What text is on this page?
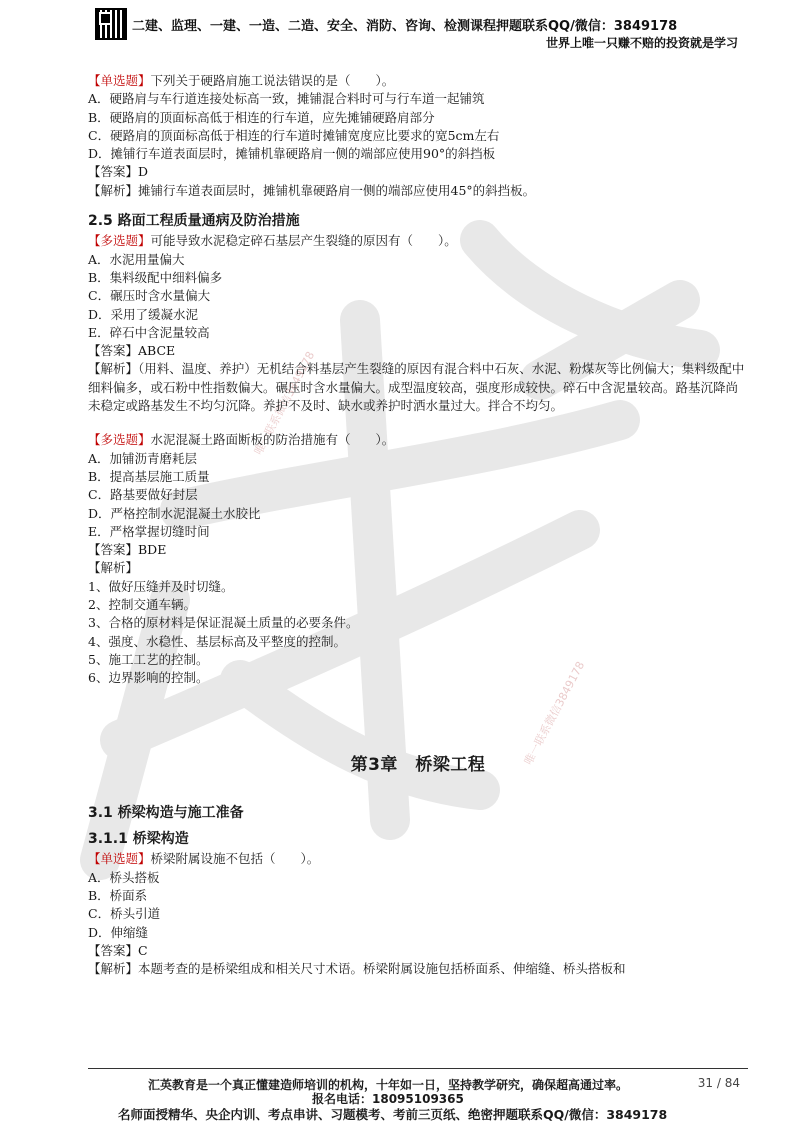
唯一联系微信3849178
唯一联系微信3849178
二建、监理、一建、一造、二造、安全、消防、咨询、检测课程押题联系QQ/微信：3849178
世界上唯一只赚不赔的投资就是学习
【单选题】下列关于硬路肩施工说法错误的是（　　）。
A．硬路肩与车行道连接处标高一致，摊铺混合料时可与行车道一起铺筑
B．硬路肩的顶面标高低于相连的行车道，应先摊铺硬路肩部分
C．硬路肩的顶面标高低于相连的行车道时摊铺宽度应比要求的宽5cm左右
D．摊铺行车道表面层时，摊铺机靠硬路肩一侧的端部应使用90°的斜挡板
【答案】D
【解析】摊铺行车道表面层时，摊铺机靠硬路肩一侧的端部应使用45°的斜挡板。
2.5 路面工程质量通病及防治措施
【多选题】可能导致水泥稳定碎石基层产生裂缝的原因有（　　）。
A．水泥用量偏大
B．集料级配中细料偏多
C．碾压时含水量偏大
D．采用了缓凝水泥
E．碎石中含泥量较高
【答案】ABCE
【解析】（用料、温度、养护）无机结合料基层产生裂缝的原因有混合料中石灰、水泥、粉煤灰等比例偏大；集料级配中细料偏多，或石粉中性指数偏大。碾压时含水量偏大。成型温度较高，强度形成较快。碎石中含泥量较高。路基沉降尚未稳定或路基发生不均匀沉降。养护不及时、缺水或养护时洒水量过大。拌合不均匀。
【多选题】水泥混凝土路面断板的防治措施有（　　）。
A．加铺沥青磨耗层
B．提高基层施工质量
C．路基要做好封层
D．严格控制水泥混凝土水胶比
E．严格掌握切缝时间
【答案】BDE
【解析】
1、做好压缝并及时切缝。
2、控制交通车辆。
3、合格的原材料是保证混凝土质量的必要条件。
4、强度、水稳性、基层标高及平整度的控制。
5、施工工艺的控制。
6、边界影响的控制。
第3章　桥梁工程
3.1 桥梁构造与施工准备
3.1.1 桥梁构造
【单选题】桥梁附属设施不包括（　　）。
A．桥头搭板
B．桥面系
C．桥头引道
D．伸缩缝
【答案】C
【解析】本题考查的是桥梁组成和相关尺寸术语。桥梁附属设施包括桥面系、伸缩缝、桥头搭板和
汇英教育是一个真正懂建造师培训的机构，十年如一日，坚持教学研究，确保超高通过率。	31 / 84
报名电话：18095109365
名师面授精华、央企内训、考点串讲、习题模考、考前三页纸、绝密押题联系QQ/微信：3849178
